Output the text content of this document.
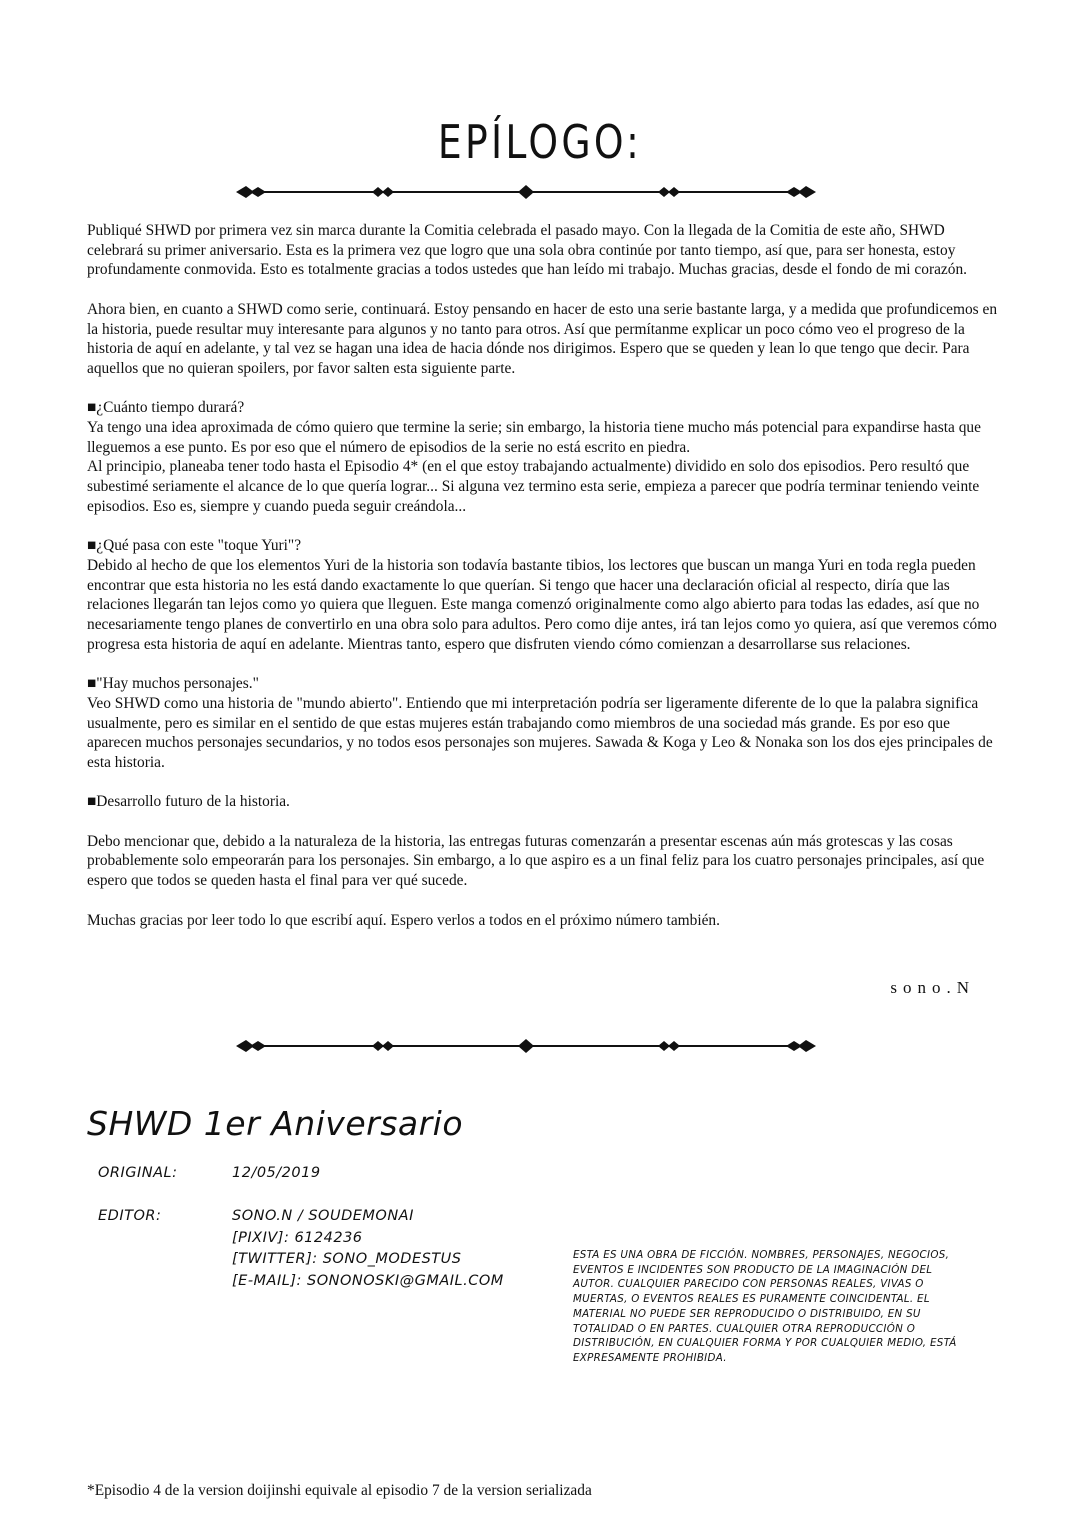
EPÍLOGO:

Publiqué SHWD por primera vez sin marca durante la Comitia celebrada el pasado mayo. Con la llegada de la Comitia de este año, SHWD celebrará su primer aniversario. Esta es la primera vez que logro que una sola obra continúe por tanto tiempo, así que, para ser honesta, estoy profundamente conmovida. Esto es totalmente gracias a todos ustedes que han leído mi trabajo. Muchas gracias, desde el fondo de mi corazón.

Ahora bien, en cuanto a SHWD como serie, continuará. Estoy pensando en hacer de esto una serie bastante larga, y a medida que profundicemos en la historia, puede resultar muy interesante para algunos y no tanto para otros. Así que permítanme explicar un poco cómo veo el progreso de la historia de aquí en adelante, y tal vez se hagan una idea de hacia dónde nos dirigimos. Espero que se queden y lean lo que tengo que decir. Para aquellos que no quieran spoilers, por favor salten esta siguiente parte.

■¿Cuánto tiempo durará?
Ya tengo una idea aproximada de cómo quiero que termine la serie; sin embargo, la historia tiene mucho más potencial para expandirse hasta que lleguemos a ese punto. Es por eso que el número de episodios de la serie no está escrito en piedra.

Al principio, planeaba tener todo hasta el Episodio 4* (en el que estoy trabajando actualmente) dividido en solo dos episodios. Pero resultó que subestimé seriamente el alcance de lo que quería lograr... Si alguna vez termino esta serie, empieza a parecer que podría terminar teniendo veinte episodios. Eso es, siempre y cuando pueda seguir creándola...

■¿Qué pasa con este "toque Yuri"?

Debido al hecho de que los elementos Yuri de la historia son todavía bastante tibios, los lectores que buscan un manga Yuri en toda regla pueden encontrar que esta historia no les está dando exactamente lo que querían. Si tengo que hacer una declaración oficial al respecto, diría que las relaciones llegarán tan lejos como yo quiera que lleguen. Este manga comenzó originalmente como algo abierto para todas las edades, así que no necesariamente tengo planes de convertirlo en una obra solo para adultos. Pero como dije antes, irá tan lejos como yo quiera, así que veremos cómo progresa esta historia de aquí en adelante. Mientras tanto, espero que disfruten viendo cómo comienzan a desarrollarse sus relaciones.

■"Hay muchos personajes."

Veo SHWD como una historia de "mundo abierto". Entiendo que mi interpretación podría ser ligeramente diferente de lo que la palabra significa usualmente, pero es similar en el sentido de que estas mujeres están trabajando como miembros de una sociedad más grande. Es por eso que aparecen muchos personajes secundarios, y no todos esos personajes son mujeres. Sawada & Koga y Leo & Nonaka son los dos ejes principales de esta historia.

■Desarrollo futuro de la historia.

Debo mencionar que, debido a la naturaleza de la historia, las entregas futuras comenzarán a presentar escenas aún más grotescas y las cosas probablemente solo empeorarán para los personajes. Sin embargo, a lo que aspiro es a un final feliz para los cuatro personajes principales, así que espero que todos se queden hasta el final para ver qué sucede.

Muchas gracias por leer todo lo que escribí aquí. Espero verlos a todos en el próximo número también.

sono.N
SHWD 1er Aniversario
ORIGINAL:	12/05/2019
EDITOR:	SONO.N / SOUDEMONAI
[PIXIV]: 6124236
[TWITTER]: SONO_MODESTUS
[E-MAIL]: SONONOSKI@GMAIL.COM
ESTA ES UNA OBRA DE FICCIÓN. NOMBRES, PERSONAJES, NEGOCIOS, EVENTOS E INCIDENTES SON PRODUCTO DE LA IMAGINACIÓN DEL AUTOR. CUALQUIER PARECIDO CON PERSONAS REALES, VIVAS O MUERTAS, O EVENTOS REALES ES PURAMENTE COINCIDENTAL. EL MATERIAL NO PUEDE SER REPRODUCIDO O DISTRIBUIDO, EN SU TOTALIDAD O EN PARTES. CUALQUIER OTRA REPRODUCCIÓN O DISTRIBUCIÓN, EN CUALQUIER FORMA Y POR CUALQUIER MEDIO, ESTÁ EXPRESAMENTE PROHIBIDA.
*Episodio 4 de la version doijinshi equivale al episodio 7 de la version serializada
